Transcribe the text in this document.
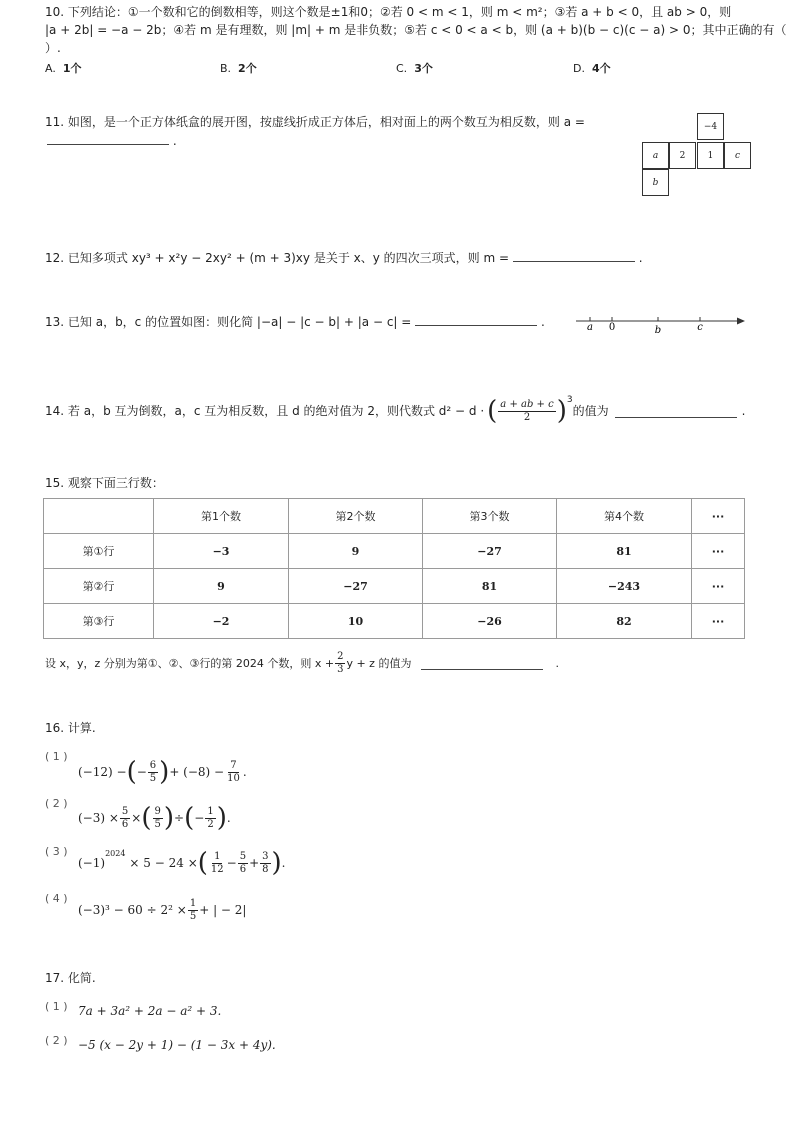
10. 下列结论：①一个数和它的倒数相等，则这个数是±1和0；②若 0 < m < 1，则 m < m²；③若 a + b < 0，且 ab > 0，则
|a + 2b| = −a − 2b；④若 m 是有理数，则 |m| + m 是非负数；⑤若 c < 0 < a < b，则 (a + b)(b − c)(c − a) > 0；其中正确的有（
）.
A. 1个	B. 2个	C. 3个	D. 4个
11. 如图，是一个正方体纸盒的展开图，按虚线折成正方体后，相对面上的两个数互为相反数，则 a =
.
−4
a	2	1	c
b
12. 已知多项式 xy³ + x²y − 2xy² + (m + 3)xy 是关于 x、y 的四次三项式，则 m =	.
13. 已知 a，b，c 的位置如图：则化简 |−a| − |c − b| + |a − c| =	.	a 0	b	c
14. 若 a，b 互为倒数，a，c 互为相反数，且 d 的绝对值为 2，则代数式 d² − d · ( $\frac{a + ab + c}{2} )^3$
的值为	.
15. 观察下面三行数：
	第1个数	第2个数	第3个数	第4个数	···
第①行	−3	9	−27	81	···
第②行	9	−27	81	−243	···
第③行	−2	10	−26	82	···
设 x，y，z 分别为第①、②、③行的第 2024 个数，则 $x + \frac{2}{3}$ y + z 的值为	.
16. 计算.
( 1 )
(−12) − ( − $\frac{6}{5}$ ) + $(-8) - \frac{7}{10}$ .
( 2 )
$(-3) \times \frac{5}{6}$ × ( $\frac{9}{5}$ ) ÷ ( − $\frac{1}{2}$ ) .
( 3 )
(−1)
$^{2024}$
× 5 − 24 × ( $\frac{1}{12} - \frac{5}{6} + \frac{3}{8}$ ) .
( 4 )
$(-3)^3 - 60 \div 2^2 \times \frac{1}{5}$ + | − 2|
17. 化简.
( 1 ) 7a + 3a² + 2a − a² + 3.
( 2 ) −5 (x − 2y + 1) − (1 − 3x + 4y).
